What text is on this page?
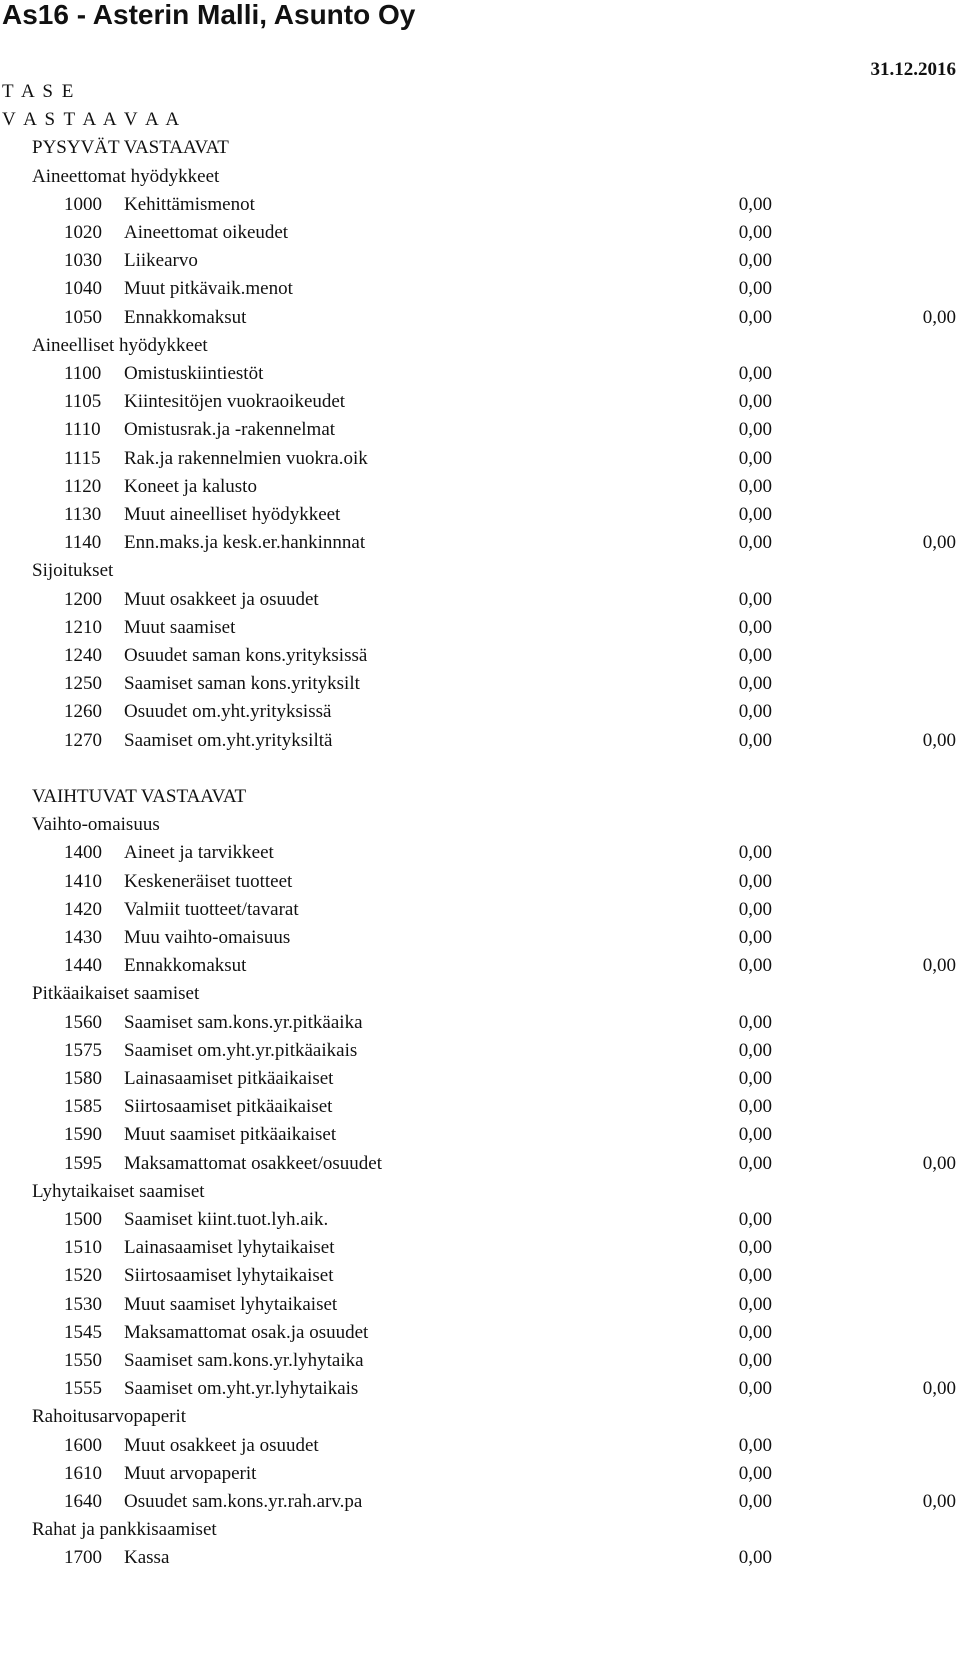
As16 - Asterin Malli, Asunto Oy
31.12.2016
T A S E
V A S T A A V A A
PYSYVÄT VASTAAVAT
Aineettomat hyödykkeet
1000 Kehittämismenot	0,00
1020 Aineettomat oikeudet	0,00
1030 Liikearvo	0,00
1040 Muut pitkävaik.menot	0,00
1050 Ennakkomaksut	0,00	0,00
Aineelliset hyödykkeet
1100 Omistuskiintiestöt	0,00
1105 Kiintesitöjen vuokraoikeudet	0,00
1110 Omistusrak.ja -rakennelmat	0,00
1115 Rak.ja rakennelmien vuokra.oik	0,00
1120 Koneet ja kalusto	0,00
1130 Muut aineelliset hyödykkeet	0,00
1140 Enn.maks.ja kesk.er.hankinnnat	0,00	0,00
Sijoitukset
1200 Muut osakkeet ja osuudet	0,00
1210 Muut saamiset	0,00
1240 Osuudet saman kons.yrityksissä	0,00
1250 Saamiset saman kons.yrityksilt	0,00
1260 Osuudet om.yht.yrityksissä	0,00
1270 Saamiset om.yht.yrityksiltä	0,00	0,00
VAIHTUVAT VASTAAVAT
Vaihto-omaisuus
1400 Aineet ja tarvikkeet	0,00
1410 Keskeneräiset tuotteet	0,00
1420 Valmiit tuotteet/tavarat	0,00
1430 Muu vaihto-omaisuus	0,00
1440 Ennakkomaksut	0,00	0,00
Pitkäaikaiset saamiset
1560 Saamiset sam.kons.yr.pitkäaika	0,00
1575 Saamiset om.yht.yr.pitkäaikais	0,00
1580 Lainasaamiset pitkäaikaiset	0,00
1585 Siirtosaamiset pitkäaikaiset	0,00
1590 Muut saamiset pitkäaikaiset	0,00
1595 Maksamattomat osakkeet/osuudet	0,00	0,00
Lyhytaikaiset saamiset
1500 Saamiset kiint.tuot.lyh.aik.	0,00
1510 Lainasaamiset lyhytaikaiset	0,00
1520 Siirtosaamiset lyhytaikaiset	0,00
1530 Muut saamiset lyhytaikaiset	0,00
1545 Maksamattomat osak.ja osuudet	0,00
1550 Saamiset sam.kons.yr.lyhytaika	0,00
1555 Saamiset om.yht.yr.lyhytaikais	0,00	0,00
Rahoitusarvopaperit
1600 Muut osakkeet ja osuudet	0,00
1610 Muut arvopaperit	0,00
1640 Osuudet sam.kons.yr.rah.arv.pa	0,00	0,00
Rahat ja pankkisaamiset
1700 Kassa	0,00
